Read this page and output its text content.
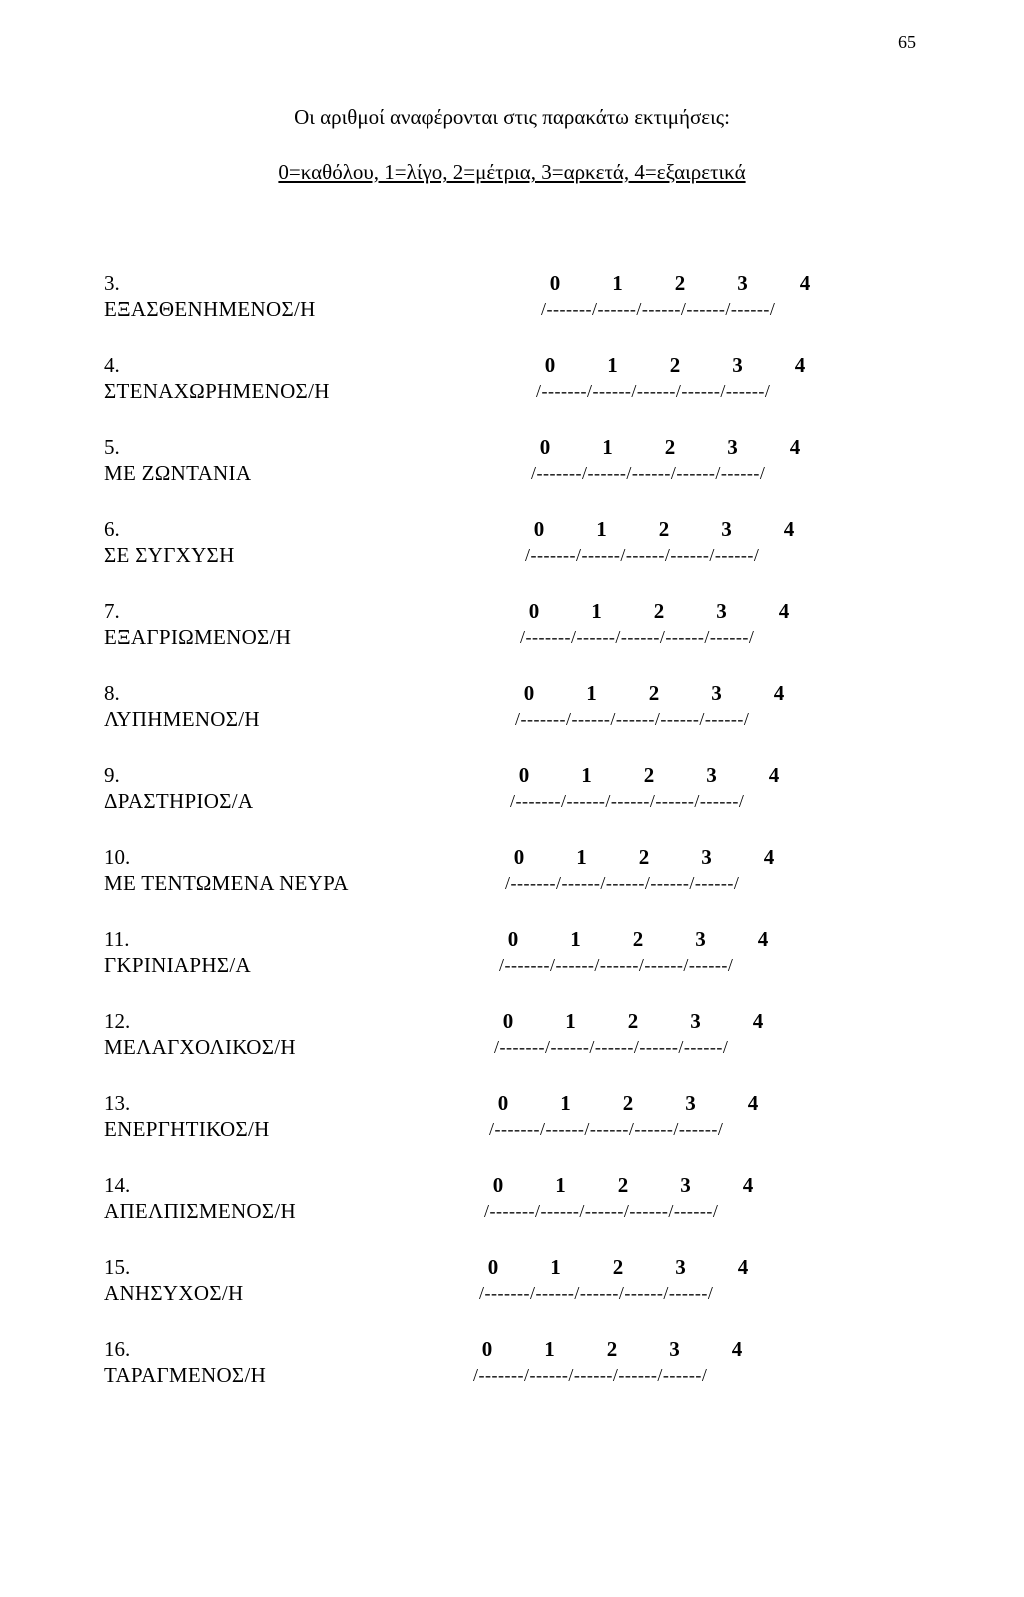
65
Οι αριθμοί αναφέρονται στις παρακάτω εκτιμήσεις:
0=καθόλου, 1=λίγο, 2=μέτρια, 3=αρκετά, 4=εξαιρετικά
3.
ΕΞΑΣΘΕΝΗΜΕΝΟΣ/Η
0 1 2 3 4
/-------/------/------/------/------/
4.
ΣΤΕΝΑΧΩΡΗΜΕΝΟΣ/Η
0 1 2 3 4
/-------/------/------/------/------/
5.
ΜΕ ΖΩΝΤΑΝΙΑ
0 1 2 3 4
/-------/------/------/------/------/
6.
ΣΕ ΣΥΓΧΥΣΗ
0 1 2 3 4
/-------/------/------/------/------/
7.
ΕΞΑΓΡΙΩΜΕΝΟΣ/Η
0 1 2 3 4
/-------/------/------/------/------/
8.
ΛΥΠΗΜΕΝΟΣ/Η
0 1 2 3 4
/-------/------/------/------/------/
9.
ΔΡΑΣΤΗΡΙΟΣ/Α
0 1 2 3 4
/-------/------/------/------/------/
10.
ΜΕ ΤΕΝΤΩΜΕΝΑ ΝΕΥΡΑ
0 1 2 3 4
/-------/------/------/------/------/
11.
ΓΚΡΙΝΙΑΡΗΣ/Α
0 1 2 3 4
/-------/------/------/------/------/
12.
ΜΕΛΑΓΧΟΛΙΚΟΣ/Η
0 1 2 3 4
/-------/------/------/------/------/
13.
ΕΝΕΡΓΗΤΙΚΟΣ/Η
0 1 2 3 4
/-------/------/------/------/------/
14.
ΑΠΕΛΠΙΣΜΕΝΟΣ/Η
0 1 2 3 4
/-------/------/------/------/------/
15.
ΑΝΗΣΥΧΟΣ/Η
0 1 2 3 4
/-------/------/------/------/------/
16.
ΤΑΡΑΓΜΕΝΟΣ/Η
0 1 2 3 4
/-------/------/------/------/------/
